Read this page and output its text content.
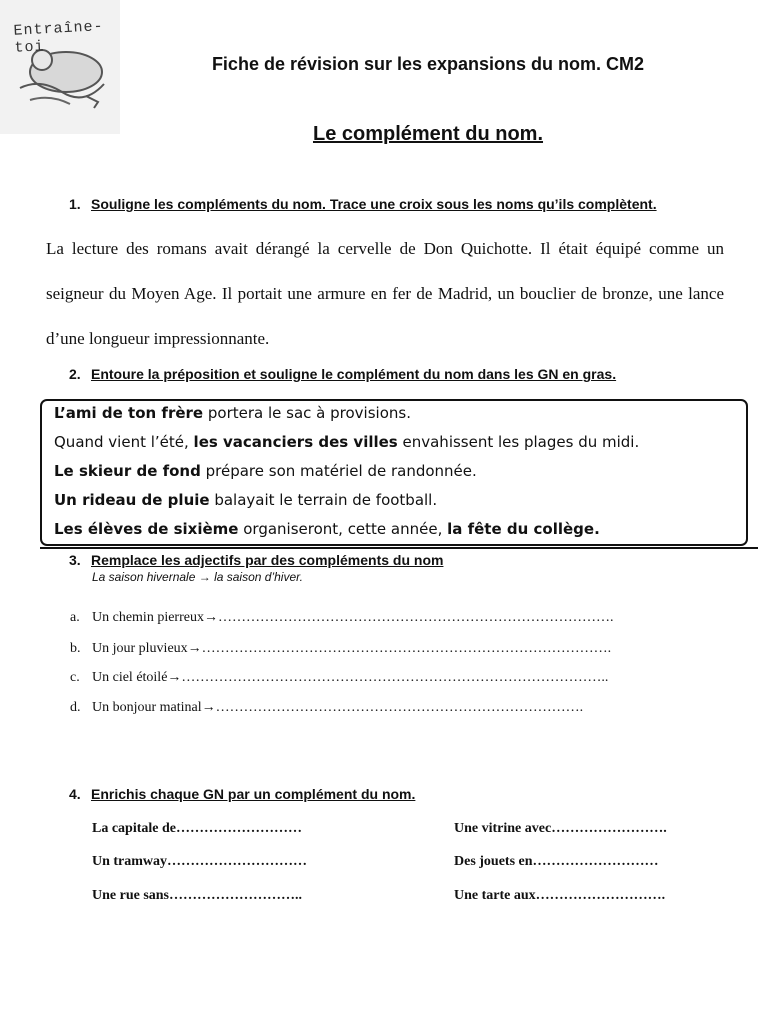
Entraîne-toi
Fiche de révision sur les expansions du nom. CM2
Le complément du nom.
1. Souligne les compléments du nom. Trace une croix sous les noms qu’ils complètent.
La lecture des romans avait dérangé la cervelle de Don Quichotte. Il était équipé comme un seigneur du Moyen Age. Il portait une armure en fer de Madrid, un bouclier de bronze, une lance d’une longueur impressionnante.
2. Entoure la préposition et souligne le complément du nom dans les GN en gras.
L’ami de ton frère portera le sac à provisions.
Quand vient l’été, les vacanciers des villes envahissent les plages du midi.
Le skieur de fond prépare son matériel de randonnée.
Un rideau de pluie balayait le terrain de football.
Les élèves de sixième organiseront, cette année, la fête du collège.
3. Remplace les adjectifs par des compléments du nom
La saison hivernale → la saison d’hiver.
a. Un chemin pierreux→………………………………………………………………………….
b. Un jour pluvieux→…………………………………………………………………………….
c. Un ciel étoilé→………………………………………………………………………………..
d. Un bonjour matinal→…………………………………………………………………….
4. Enrichis chaque GN par un complément du nom.
La capitale de………………………
Un tramway…………………………
Une rue sans………………………..
Une vitrine avec…………………….
Des jouets en………………………
Une tarte aux……………………….
